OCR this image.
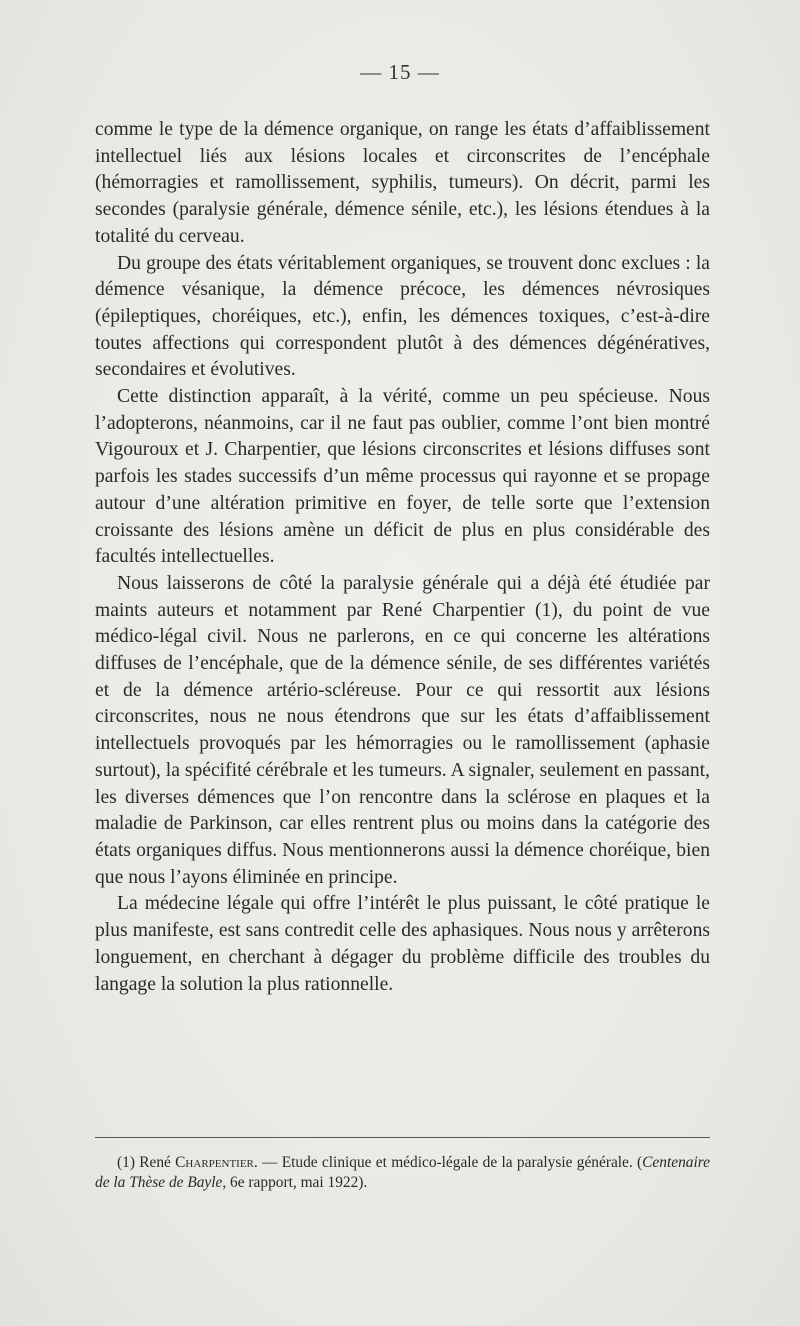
— 15 —

comme le type de la démence organique, on range les états d’affaiblissement intellectuel liés aux lésions locales et circonscrites de l’encéphale (hémorragies et ramollissement, syphilis, tumeurs). On décrit, parmi les secondes (paralysie générale, démence sénile, etc.), les lésions étendues à la totalité du cerveau.

Du groupe des états véritablement organiques, se trouvent donc exclues : la démence vésanique, la démence précoce, les démences névrosiques (épileptiques, choréiques, etc.), enfin, les démences toxiques, c’est-à-dire toutes affections qui correspondent plutôt à des démences dégénératives, secondaires et évolutives.

Cette distinction apparaît, à la vérité, comme un peu spécieuse. Nous l’adopterons, néanmoins, car il ne faut pas oublier, comme l’ont bien montré Vigouroux et J. Charpentier, que lésions circonscrites et lésions diffuses sont parfois les stades successifs d’un même processus qui rayonne et se propage autour d’une altération primitive en foyer, de telle sorte que l’extension croissante des lésions amène un déficit de plus en plus considérable des facultés intellectuelles.

Nous laisserons de côté la paralysie générale qui a déjà été étudiée par maints auteurs et notamment par René Charpentier (1), du point de vue médico-légal civil. Nous ne parlerons, en ce qui concerne les altérations diffuses de l’encéphale, que de la démence sénile, de ses différentes variétés et de la démence artério-scléreuse. Pour ce qui ressortit aux lésions circonscrites, nous ne nous étendrons que sur les états d’affaiblissement intellectuels provoqués par les hémorragies ou le ramollissement (aphasie surtout), la spécifité cérébrale et les tumeurs. A signaler, seulement en passant, les diverses démences que l’on rencontre dans la sclérose en plaques et la maladie de Parkinson, car elles rentrent plus ou moins dans la catégorie des états organiques diffus. Nous mentionnerons aussi la démence choréique, bien que nous l’ayons éliminée en principe.

La médecine légale qui offre l’intérêt le plus puissant, le côté pratique le plus manifeste, est sans contredit celle des aphasiques. Nous nous y arrêterons longuement, en cherchant à dégager du problème difficile des troubles du langage la solution la plus rationnelle.

(1) René Charpentier. — Etude clinique et médico-légale de la paralysie générale. (Centenaire de la Thèse de Bayle, 6e rapport, mai 1922).
